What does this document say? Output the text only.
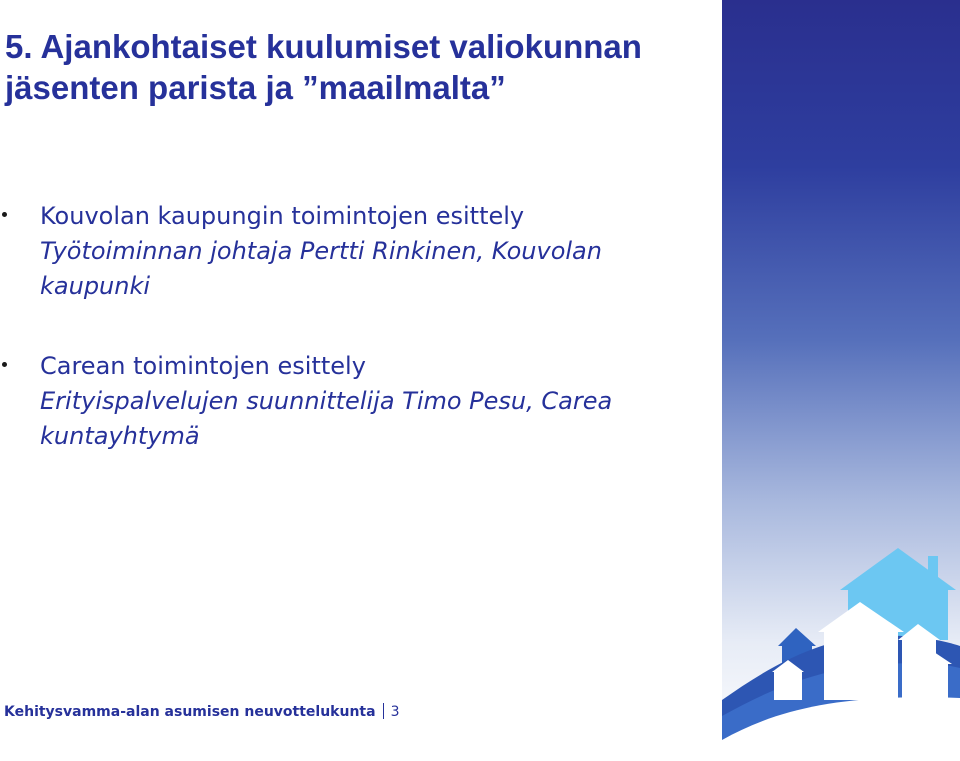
5. Ajankohtaiset kuulumiset valiokunnan jäsenten parista ja ”maailmalta”
Kouvolan kaupungin toimintojen esittely
Työtoiminnan johtaja Pertti Rinkinen, Kouvolan kaupunki
Carean toimintojen esittely
Erityispalvelujen suunnittelija Timo Pesu, Carea kuntayhtymä
Kehitysvamma-alan asumisen neuvottelukunta 3
